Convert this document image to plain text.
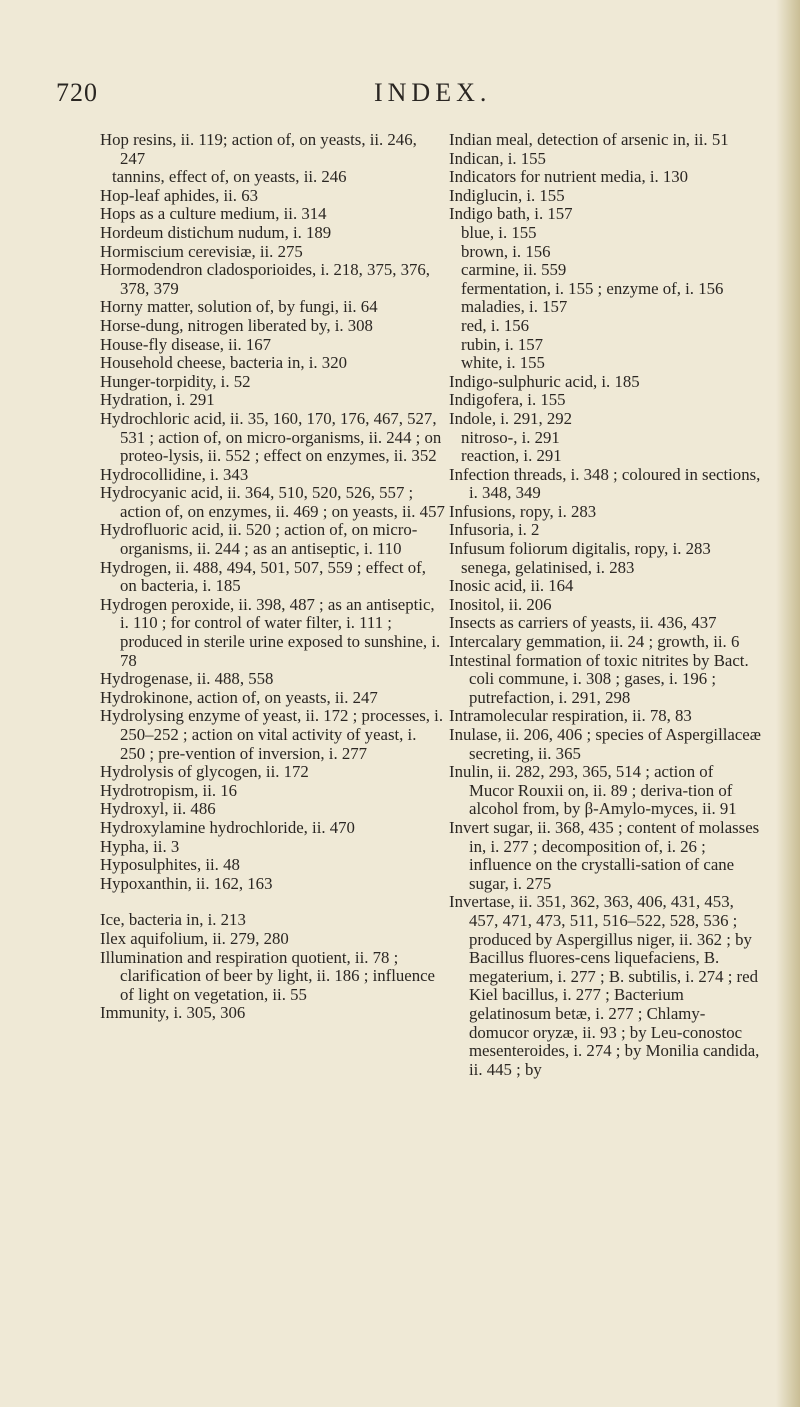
720	INDEX.
Hop resins, ii. 119; action of, on yeasts, ii. 246, 247
tannins, effect of, on yeasts, ii. 246
Hop-leaf aphides, ii. 63
Hops as a culture medium, ii. 314
Hordeum distichum nudum, i. 189
Hormiscium cerevisiæ, ii. 275
Hormodendron cladosporioides, i. 218, 375, 376, 378, 379
Horny matter, solution of, by fungi, ii. 64
Horse-dung, nitrogen liberated by, i. 308
House-fly disease, ii. 167
Household cheese, bacteria in, i. 320
Hunger-torpidity, i. 52
Hydration, i. 291
Hydrochloric acid, ii. 35, 160, 170, 176, 467, 527, 531 ; action of, on micro-organisms, ii. 244 ; on proteo-lysis, ii. 552 ; effect on enzymes, ii. 352
Hydrocollidine, i. 343
Hydrocyanic acid, ii. 364, 510, 520, 526, 557 ; action of, on enzymes, ii. 469 ; on yeasts, ii. 457
Hydrofluoric acid, ii. 520 ; action of, on micro-organisms, ii. 244 ; as an antiseptic, i. 110
Hydrogen, ii. 488, 494, 501, 507, 559 ; effect of, on bacteria, i. 185
Hydrogen peroxide, ii. 398, 487 ; as an antiseptic, i. 110 ; for control of water filter, i. 111 ; produced in sterile urine exposed to sunshine, i. 78
Hydrogenase, ii. 488, 558
Hydrokinone, action of, on yeasts, ii. 247
Hydrolysing enzyme of yeast, ii. 172 ; processes, i. 250–252 ; action on vital activity of yeast, i. 250 ; pre-vention of inversion, i. 277
Hydrolysis of glycogen, ii. 172
Hydrotropism, ii. 16
Hydroxyl, ii. 486
Hydroxylamine hydrochloride, ii. 470
Hypha, ii. 3
Hyposulphites, ii. 48
Hypoxanthin, ii. 162, 163
Ice, bacteria in, i. 213
Ilex aquifolium, ii. 279, 280
Illumination and respiration quotient, ii. 78 ; clarification of beer by light, ii. 186 ; influence of light on vegetation, ii. 55
Immunity, i. 305, 306
Indian meal, detection of arsenic in, ii. 51
Indican, i. 155
Indicators for nutrient media, i. 130
Indiglucin, i. 155
Indigo bath, i. 157
blue, i. 155
brown, i. 156
carmine, ii. 559
fermentation, i. 155 ; enzyme of, i. 156
maladies, i. 157
red, i. 156
rubin, i. 157
white, i. 155
Indigo-sulphuric acid, i. 185
Indigofera, i. 155
Indole, i. 291, 292
nitroso-, i. 291
reaction, i. 291
Infection threads, i. 348 ; coloured in sections, i. 348, 349
Infusions, ropy, i. 283
Infusoria, i. 2
Infusum foliorum digitalis, ropy, i. 283
senega, gelatinised, i. 283
Inosic acid, ii. 164
Inositol, ii. 206
Insects as carriers of yeasts, ii. 436, 437
Intercalary gemmation, ii. 24 ; growth, ii. 6
Intestinal formation of toxic nitrites by Bact. coli commune, i. 308 ; gases, i. 196 ; putrefaction, i. 291, 298
Intramolecular respiration, ii. 78, 83
Inulase, ii. 206, 406 ; species of Aspergillaceæ secreting, ii. 365
Inulin, ii. 282, 293, 365, 514 ; action of Mucor Rouxii on, ii. 89 ; deriva-tion of alcohol from, by β-Amylo-myces, ii. 91
Invert sugar, ii. 368, 435 ; content of molasses in, i. 277 ; decomposition of, i. 26 ; influence on the crystalli-sation of cane sugar, i. 275
Invertase, ii. 351, 362, 363, 406, 431, 453, 457, 471, 473, 511, 516–522, 528, 536 ; produced by Aspergillus niger, ii. 362 ; by Bacillus fluores-cens liquefaciens, B. megaterium, i. 277 ; B. subtilis, i. 274 ; red Kiel bacillus, i. 277 ; Bacterium gelatinosum betæ, i. 277 ; Chlamy-domucor oryzæ, ii. 93 ; by Leu-conostoc mesenteroides, i. 274 ; by Monilia candida, ii. 445 ; by
